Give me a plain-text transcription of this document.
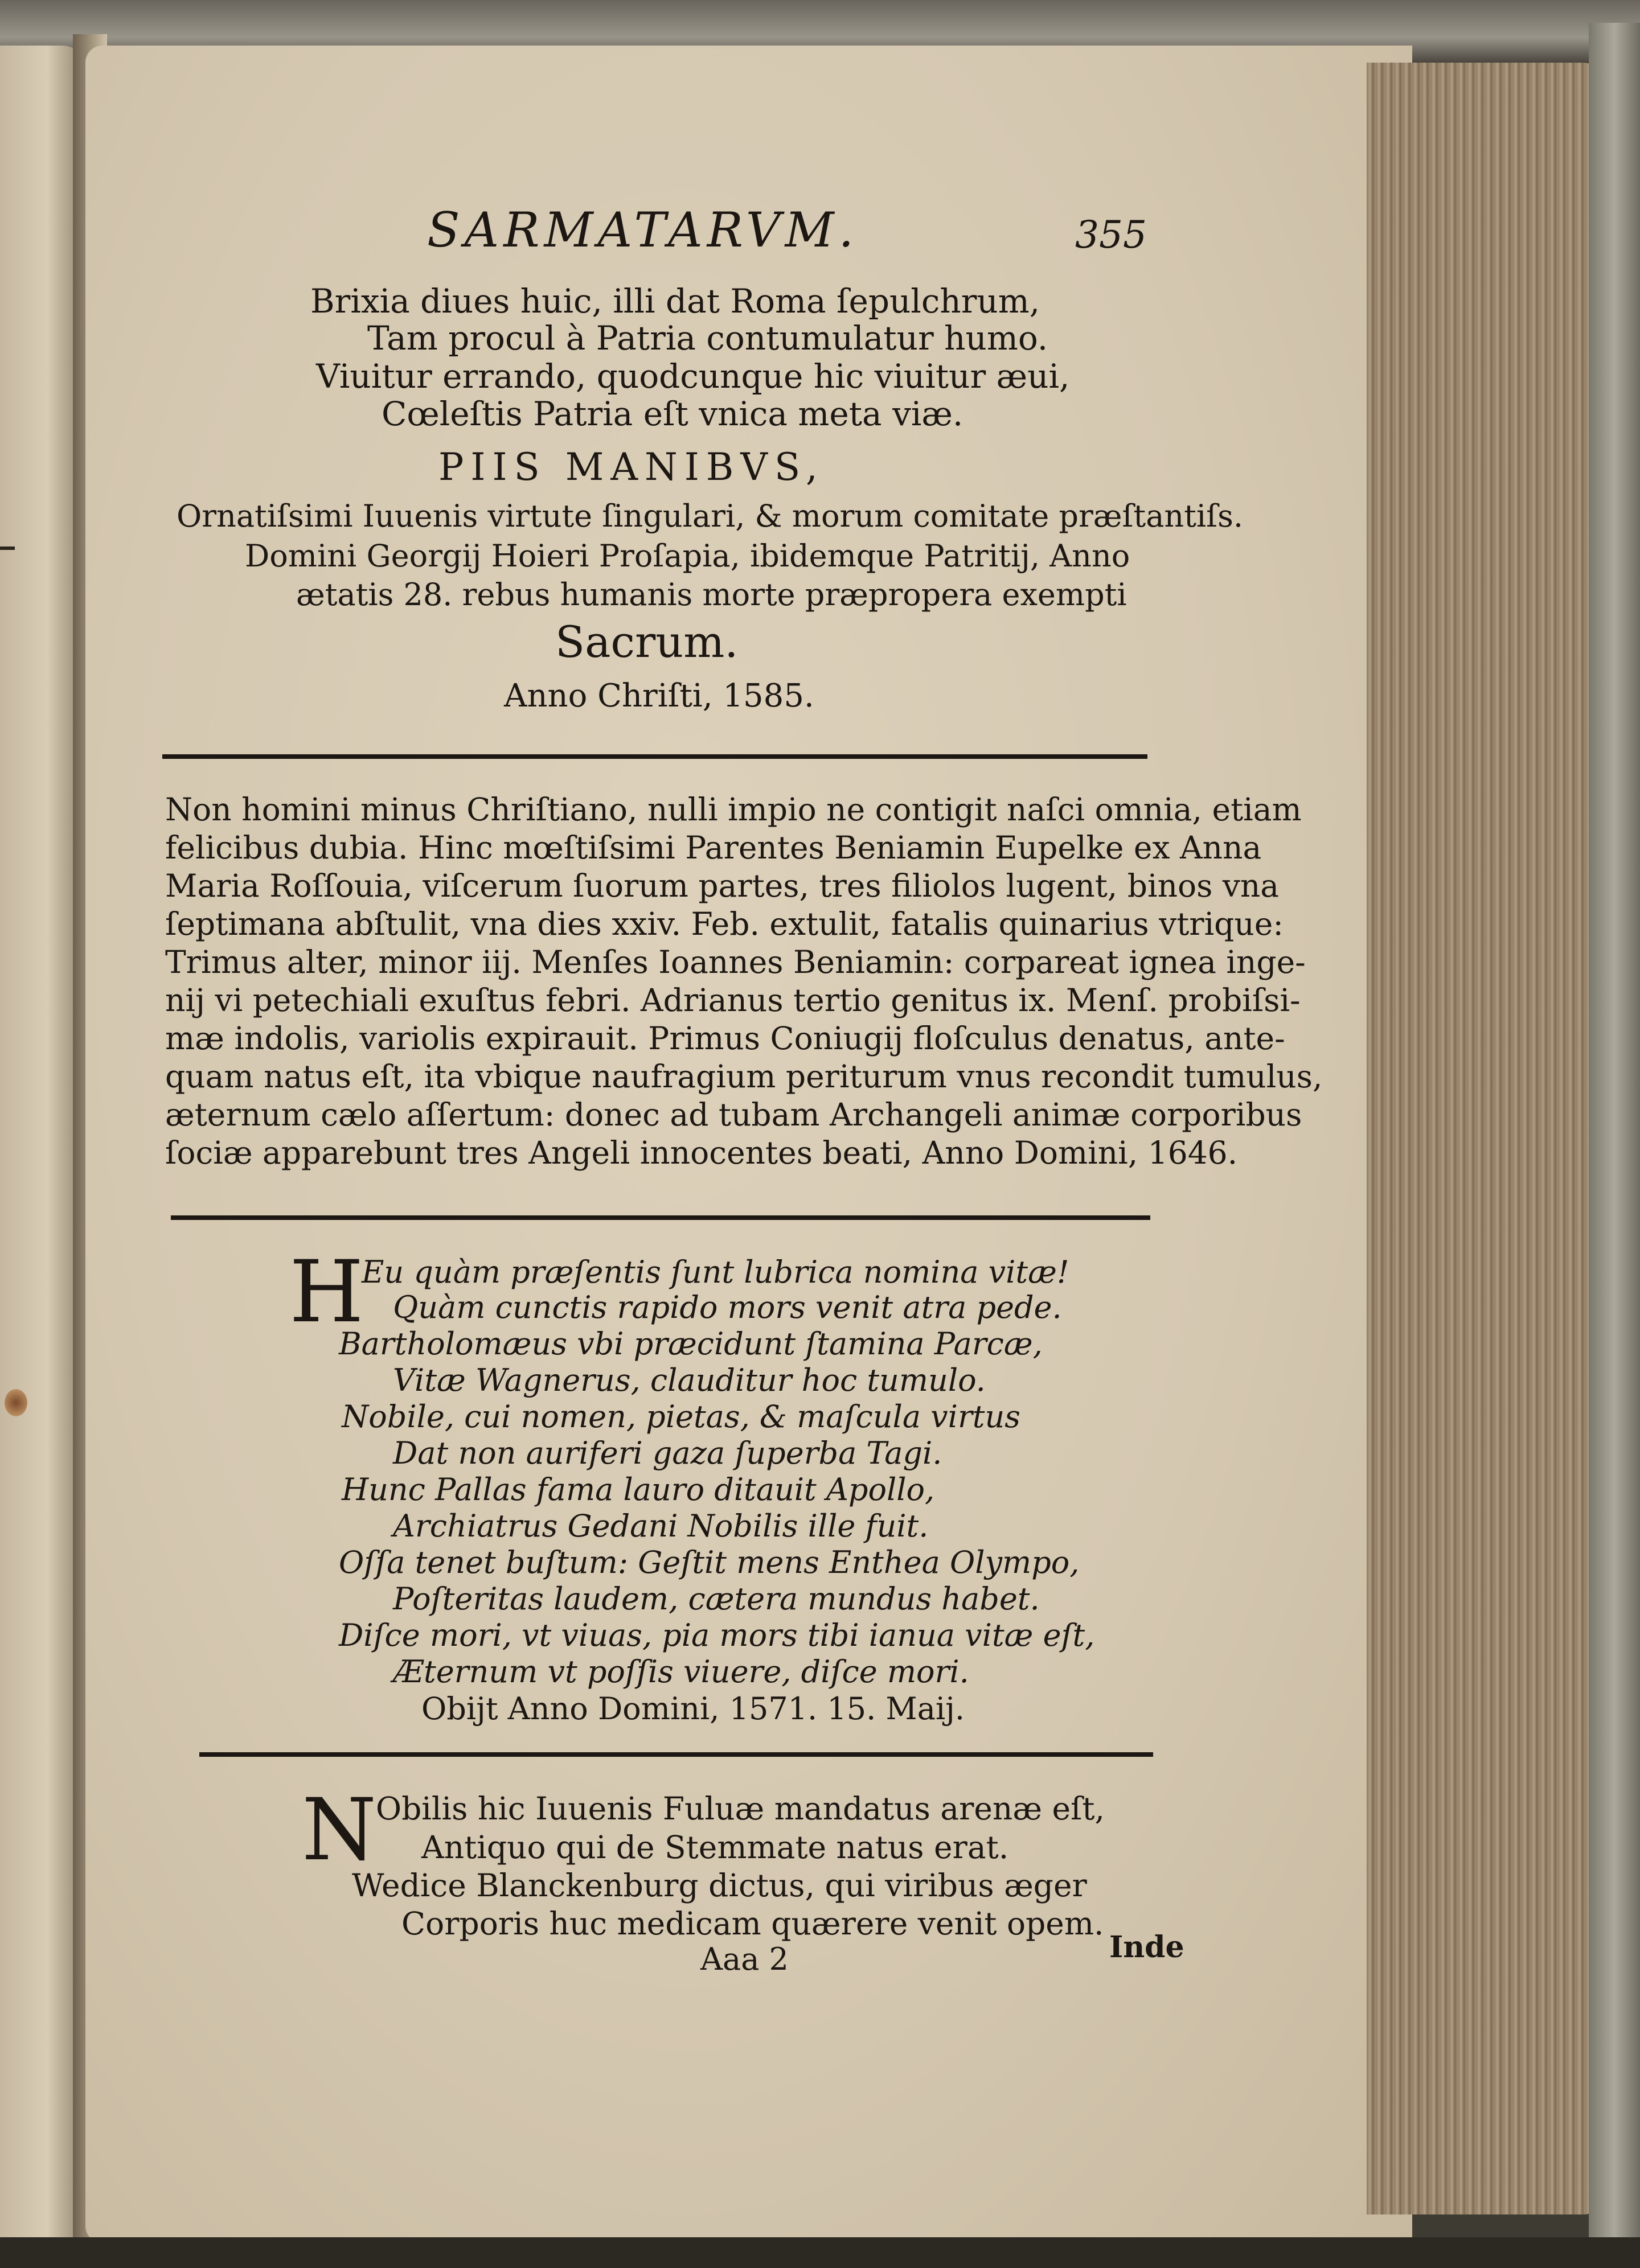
SARMATARVM.	355

Brixia diues huic, illi dat Roma ſepulchrum,

Tam procul à Patria contumulatur humo.

Viuitur errando, quodcunque hic viuitur æui,

Cœleſtis Patria eſt vnica meta viæ.

PIIS MANIBVS,

Ornatiſsimi Iuuenis virtute ſingulari, & morum comitate præſtantiſs.

Domini Georgij Hoieri Proſapia, ibidemque Patritij, Anno

ætatis 28. rebus humanis morte præpropera exempti

Sacrum.

Anno Chriſti, 1585.

Non homini minus Chriſtiano, nulli impio ne contigit naſci omnia, etiam

felicibus dubia. Hinc mœſtiſsimi Parentes Beniamin Eupelke ex Anna

Maria Roſſouia, viſcerum ſuorum partes, tres filiolos lugent, binos vna

ſeptimana abſtulit, vna dies xxiv. Feb. extulit, fatalis quinarius vtrique:

Trimus alter, minor iij. Menſes Ioannes Beniamin: corpareat ignea inge-

nij vi petechiali exuſtus febri. Adrianus tertio genitus ix. Menſ. probiſsi-

mæ indolis, variolis expirauit. Primus Coniugij floſculus denatus, ante-

quam natus eſt, ita vbique naufragium periturum vnus recondit tumulus,

æternum cælo aſſertum: donec ad tubam Archangeli animæ corporibus

ſociæ apparebunt tres Angeli innocentes beati, Anno Domini, 1646.

H

Eu quàm præſentis ſunt lubrica nomina vitæ!

Quàm cunctis rapido mors venit atra pede.

Bartholomæus vbi præcidunt ſtamina Parcæ,

Vitæ Wagnerus, clauditur hoc tumulo.

Nobile, cui nomen, pietas, & maſcula virtus

Dat non auriferi gaza ſuperba Tagi.

Hunc Pallas fama lauro ditauit Apollo,

Archiatrus Gedani Nobilis ille fuit.

Oſſa tenet buſtum: Geſtit mens Enthea Olympo,

Poſteritas laudem, cætera mundus habet.

Diſce mori, vt viuas, pia mors tibi ianua vitæ eſt,

Æternum vt poſſis viuere, diſce mori.

Obijt Anno Domini, 1571. 15. Maij.

N

Obilis hic Iuuenis Fuluæ mandatus arenæ eſt,

Antiquo qui de Stemmate natus erat.

Wedice Blanckenburg dictus, qui viribus æger

Corporis huc medicam quærere venit opem.

Aaa 2	Inde
